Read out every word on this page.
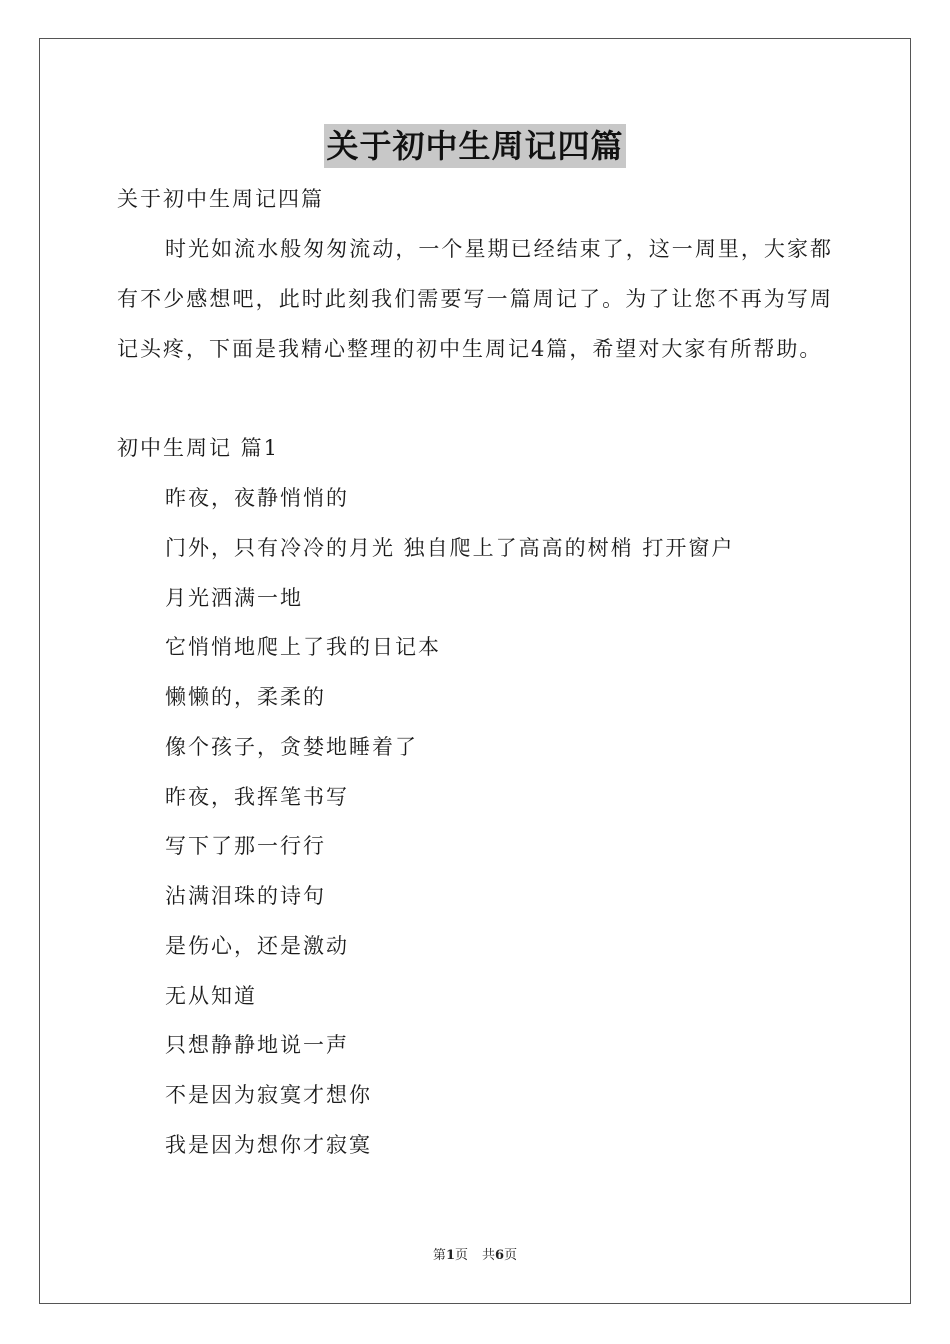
关于初中生周记四篇
关于初中生周记四篇
时光如流水般匆匆流动，一个星期已经结束了，这一周里，大家都有不少感想吧，此时此刻我们需要写一篇周记了。为了让您不再为写周记头疼，下面是我精心整理的初中生周记4篇，希望对大家有所帮助。
初中生周记 篇1
昨夜，夜静悄悄的
门外，只有冷冷的月光 独自爬上了高高的树梢 打开窗户
月光洒满一地
它悄悄地爬上了我的日记本
懒懒的，柔柔的
像个孩子，贪婪地睡着了
昨夜，我挥笔书写
写下了那一行行
沾满泪珠的诗句
是伤心，还是激动
无从知道
只想静静地说一声
不是因为寂寞才想你
我是因为想你才寂寞
第1页 共6页
